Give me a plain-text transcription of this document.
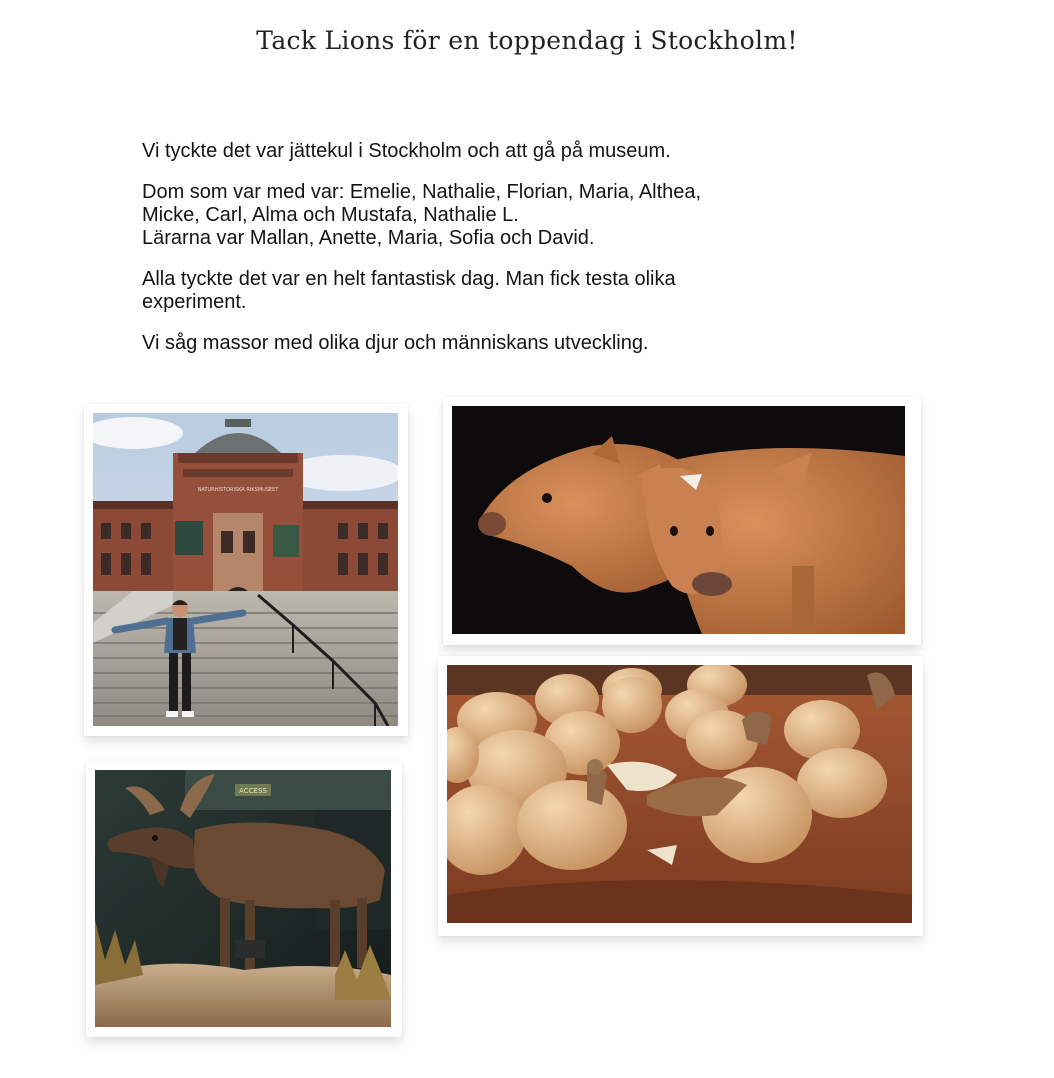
Tack Lions för en toppendag i Stockholm!

Vi tyckte det var jättekul i Stockholm och att gå på museum.

Dom som var med var: Emelie, Nathalie, Florian, Maria, Althea,
Micke, Carl, Alma och Mustafa, Nathalie L.
Lärarna var Mallan, Anette, Maria, Sofia och David.

Alla tyckte det var en helt fantastisk dag. Man fick testa olika
experiment.

Vi såg massor med olika djur och människans utveckling.

NATURHISTORISKA RIKSMUSEET
ACCESS
